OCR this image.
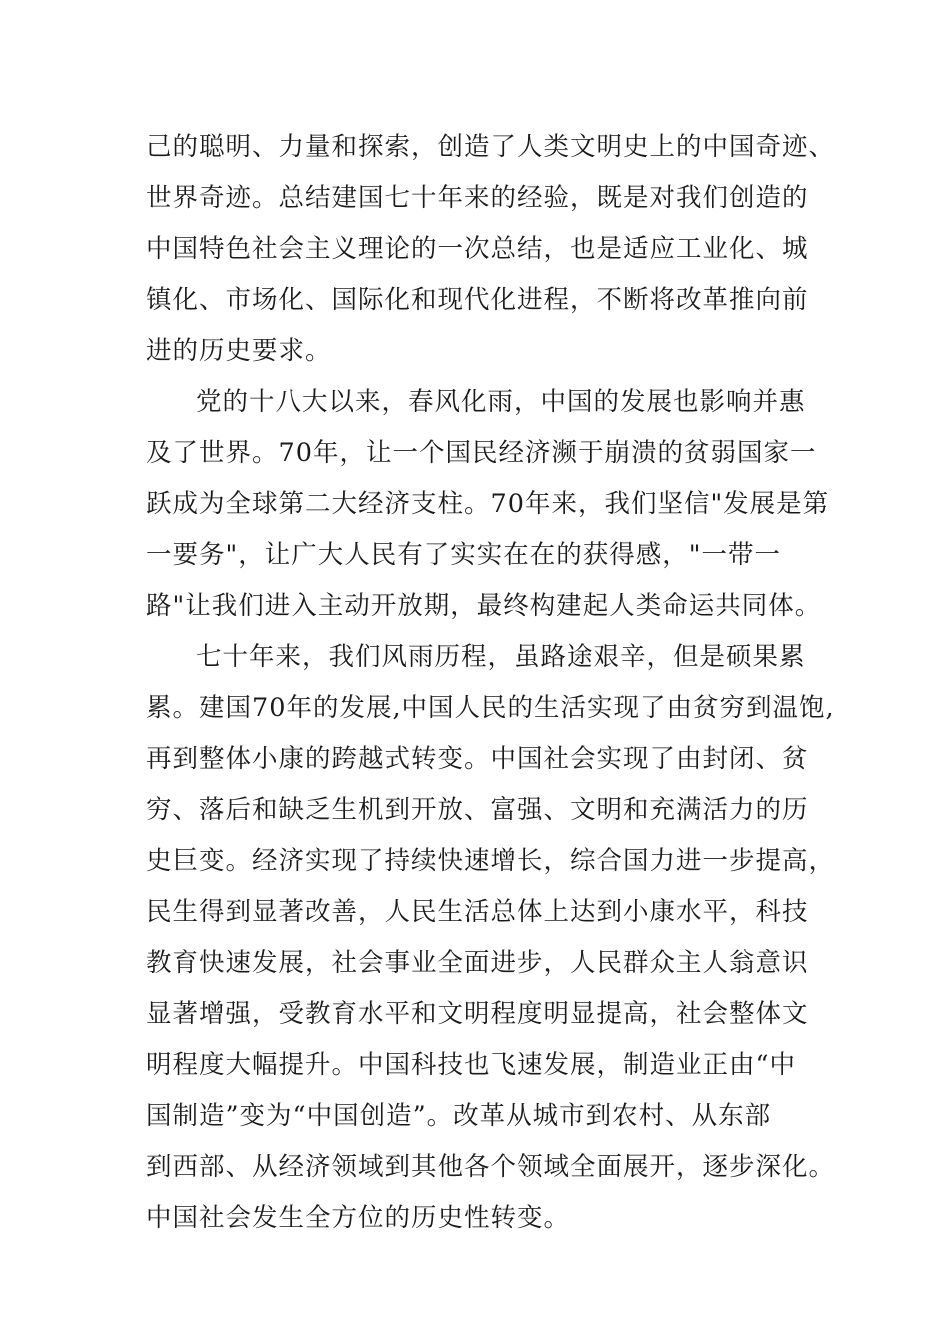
己的聪明、力量和探索，创造了人类文明史上的中国奇迹、
世界奇迹。总结建国七十年来的经验，既是对我们创造的
中国特色社会主义理论的一次总结，也是适应工业化、城
镇化、市场化、国际化和现代化进程，不断将改革推向前
进的历史要求。
党的十八大以来，春风化雨，中国的发展也影响并惠
及了世界。70年，让一个国民经济濒于崩溃的贫弱国家一
跃成为全球第二大经济支柱。70年来，我们坚信"发展是第
一要务"，让广大人民有了实实在在的获得感，"一带一
路"让我们进入主动开放期，最终构建起人类命运共同体。
七十年来，我们风雨历程，虽路途艰辛，但是硕果累
累。建国70年的发展,中国人民的生活实现了由贫穷到温饱,
再到整体小康的跨越式转变。中国社会实现了由封闭、贫
穷、落后和缺乏生机到开放、富强、文明和充满活力的历
史巨变。经济实现了持续快速增长，综合国力进一步提高，
民生得到显著改善，人民生活总体上达到小康水平，科技
教育快速发展，社会事业全面进步，人民群众主人翁意识
显著增强，受教育水平和文明程度明显提高，社会整体文
明程度大幅提升。中国科技也飞速发展，制造业正由“中
国制造”变为“中国创造”。改革从城市到农村、从东部
到西部、从经济领域到其他各个领域全面展开，逐步深化。
中国社会发生全方位的历史性转变。
